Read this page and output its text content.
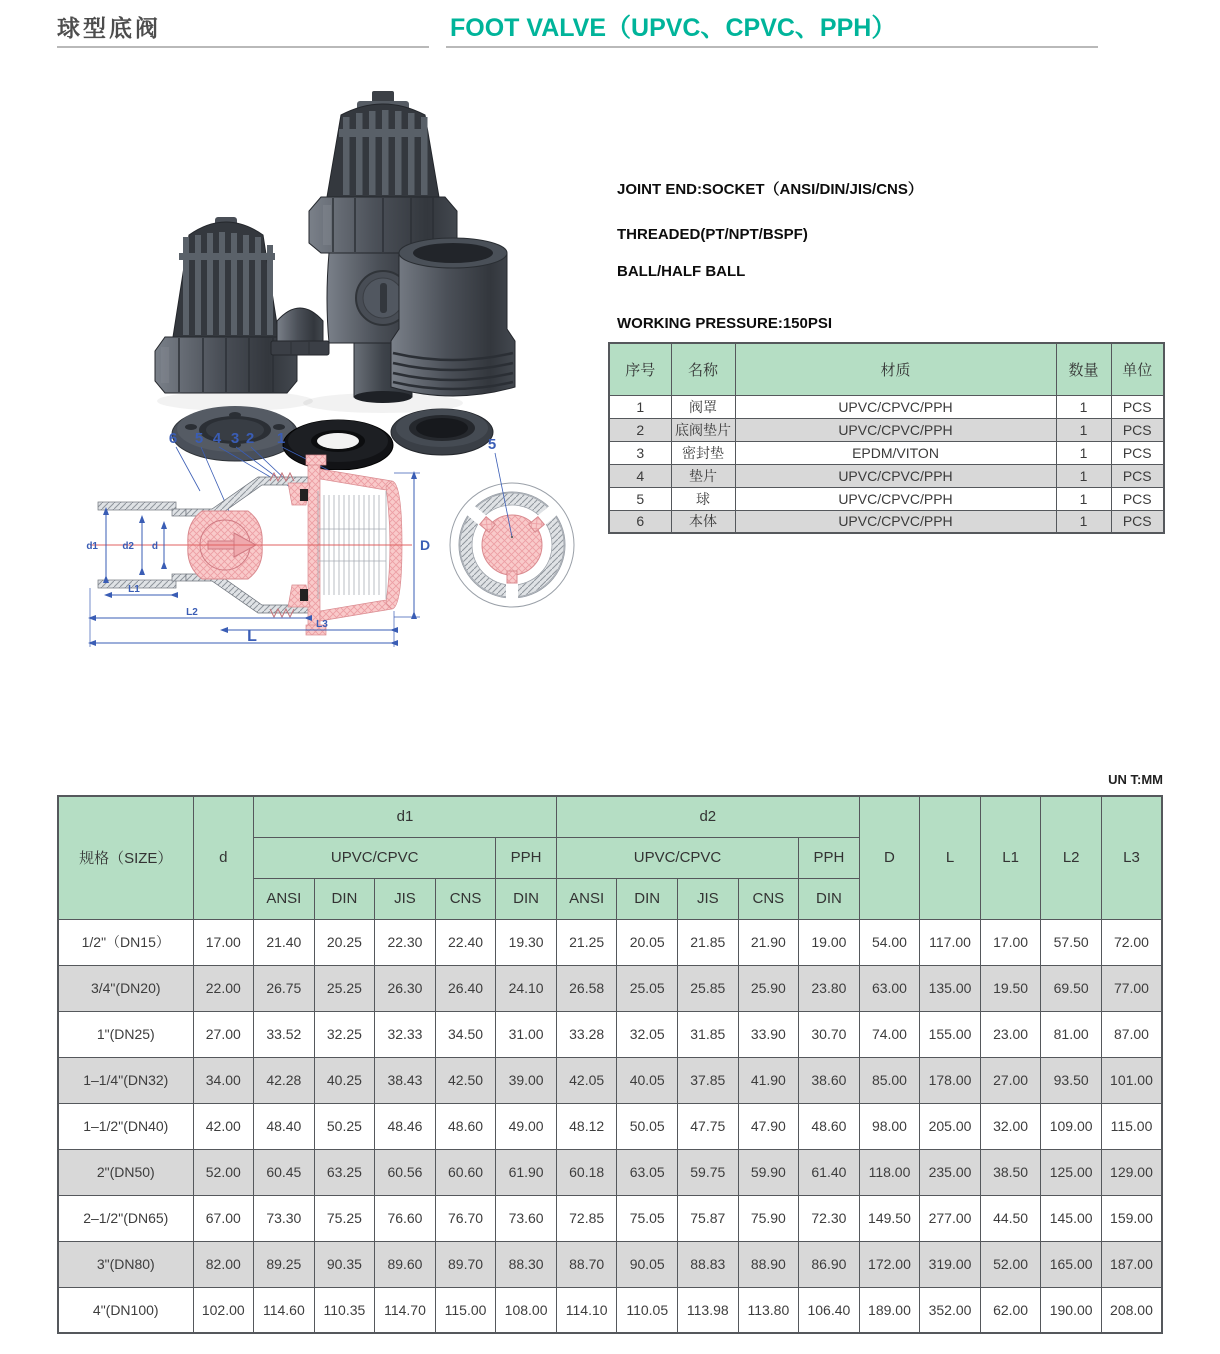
球型底阀	FOOT VALVE（UPVC、CPVC、PPH）
6 5 4 3 2 1
d1 d2 d
L1
L2
L3
L
D
5
JOINT END:SOCKET（ANSI/DIN/JIS/CNS）
THREADED(PT/NPT/BSPF)
BALL/HALF BALL
WORKING PRESSURE:150PSI
序号	名称	材质	数量	单位
1	阀罩	UPVC/CPVC/PPH	1	PCS
2	底阀垫片	UPVC/CPVC/PPH	1	PCS
3	密封垫	EPDM/VITON	1	PCS
4	垫片	UPVC/CPVC/PPH	1	PCS
5	球	UPVC/CPVC/PPH	1	PCS
6	本体	UPVC/CPVC/PPH	1	PCS
UN T:MM
规格（SIZE）	d	d1					d2					D	L	L1	L2	L3
		UPVC/CPVC				PPH	UPVC/CPVC				PPH					
		ANSI	DIN	JIS	CNS	DIN	ANSI	DIN	JIS	CNS	DIN					
1/2"（DN15）	17.00	21.40	20.25	22.30	22.40	19.30	21.25	20.05	21.85	21.90	19.00	54.00	117.00	17.00	57.50	72.00
3/4"(DN20)	22.00	26.75	25.25	26.30	26.40	24.10	26.58	25.05	25.85	25.90	23.80	63.00	135.00	19.50	69.50	77.00
1"(DN25)	27.00	33.52	32.25	32.33	34.50	31.00	33.28	32.05	31.85	33.90	30.70	74.00	155.00	23.00	81.00	87.00
1–1/4"(DN32)	34.00	42.28	40.25	38.43	42.50	39.00	42.05	40.05	37.85	41.90	38.60	85.00	178.00	27.00	93.50	101.00
1–1/2"(DN40)	42.00	48.40	50.25	48.46	48.60	49.00	48.12	50.05	47.75	47.90	48.60	98.00	205.00	32.00	109.00	115.00
2"(DN50)	52.00	60.45	63.25	60.56	60.60	61.90	60.18	63.05	59.75	59.90	61.40	118.00	235.00	38.50	125.00	129.00
2–1/2"(DN65)	67.00	73.30	75.25	76.60	76.70	73.60	72.85	75.05	75.87	75.90	72.30	149.50	277.00	44.50	145.00	159.00
3"(DN80)	82.00	89.25	90.35	89.60	89.70	88.30	88.70	90.05	88.83	88.90	86.90	172.00	319.00	52.00	165.00	187.00
4"(DN100)	102.00	114.60	110.35	114.70	115.00	108.00	114.10	110.05	113.98	113.80	106.40	189.00	352.00	62.00	190.00	208.00
